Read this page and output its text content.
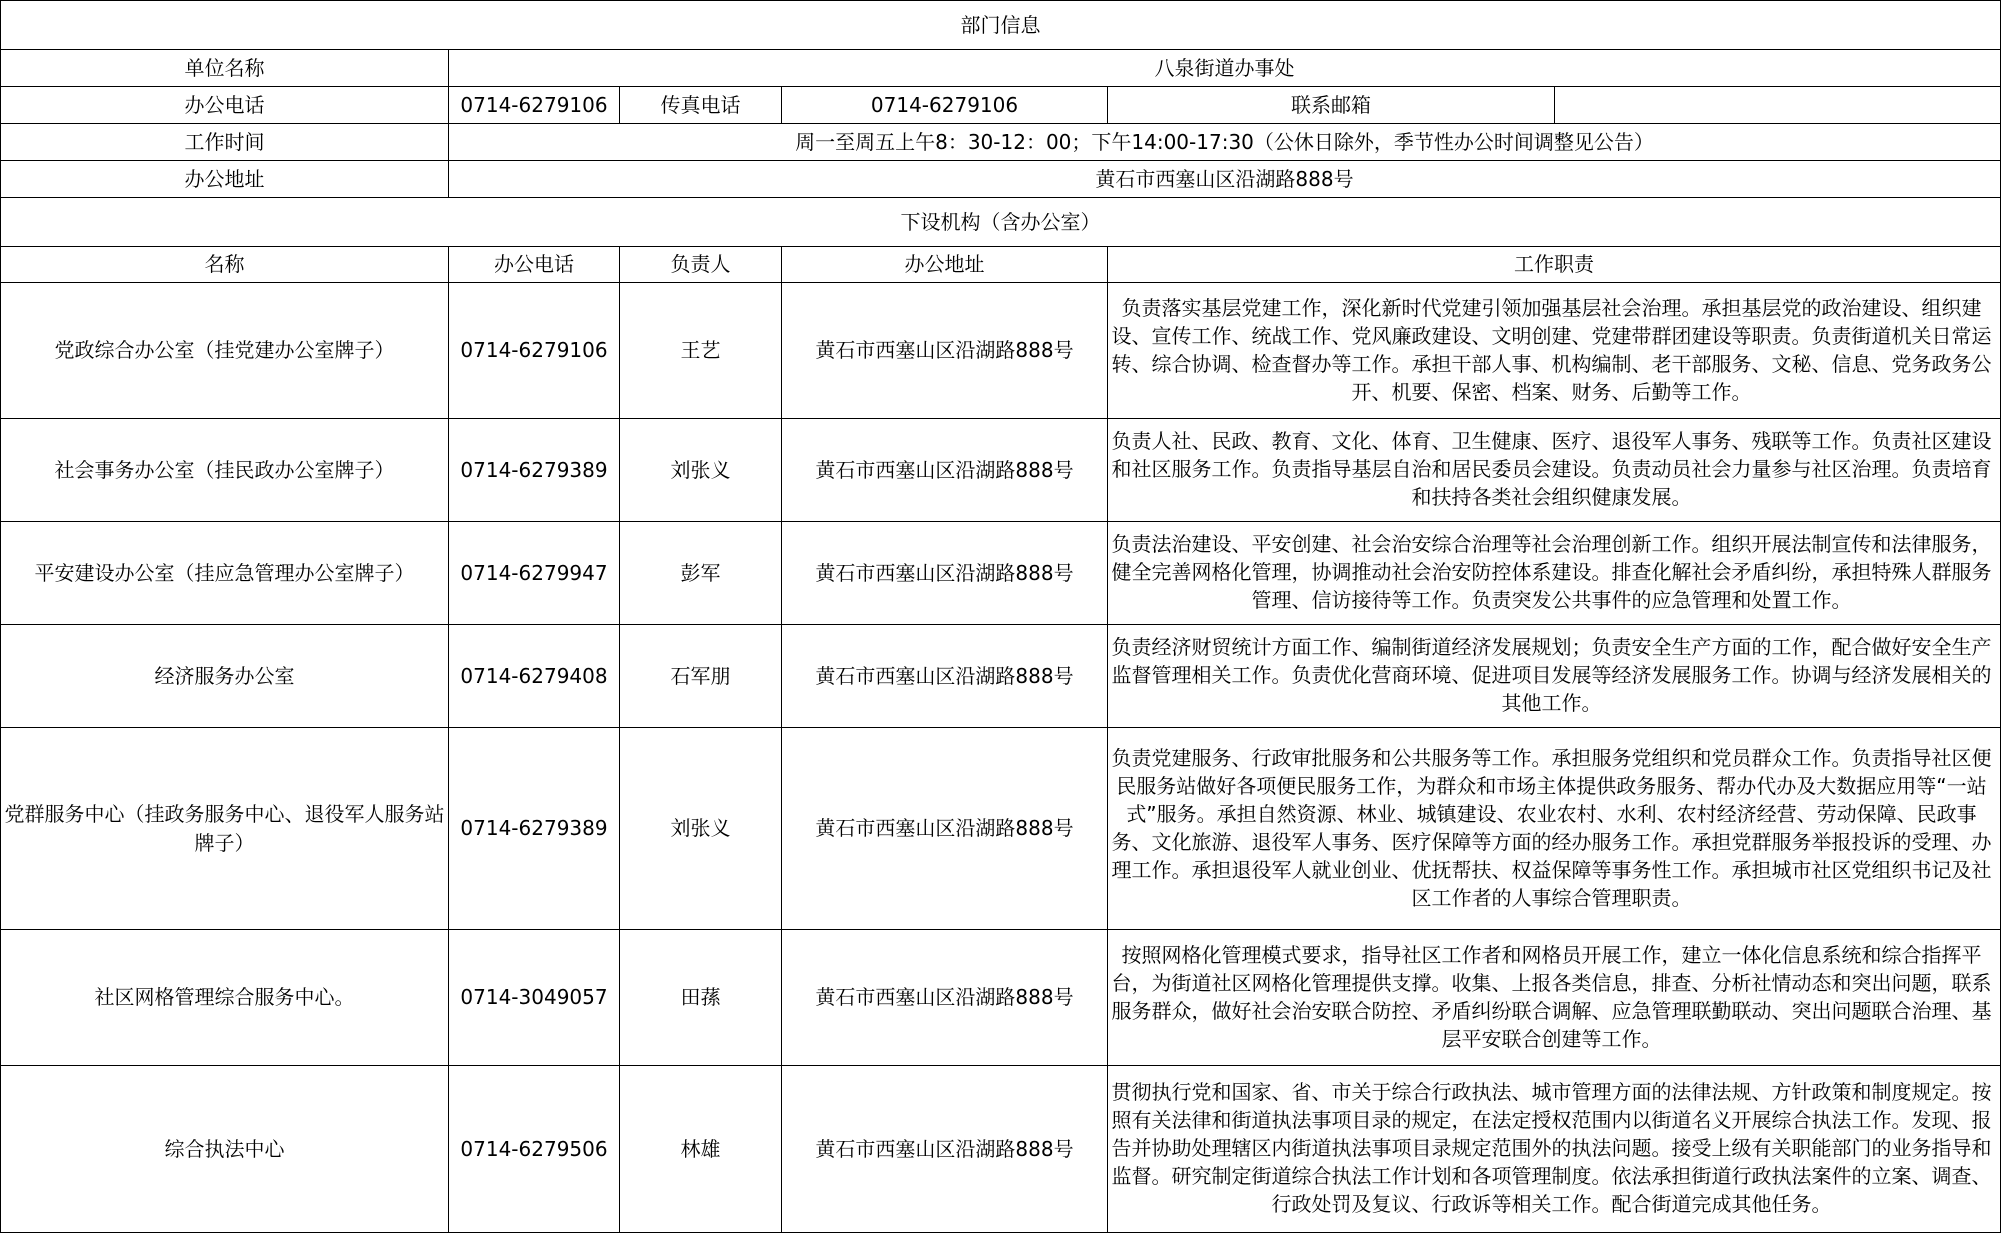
部门信息					
单位名称	八泉街道办事处				
办公电话	0714-6279106	传真电话	0714-6279106	联系邮箱	
工作时间	周一至周五上午8：30-12：00；下午14:00-17:30（公休日除外，季节性办公时间调整见公告）				
办公地址	黄石市西塞山区沿湖路888号				
下设机构（含办公室）					
名称	办公电话	负责人	办公地址	工作职责	
党政综合办公室（挂党建办公室牌子）	0714-6279106	王艺	黄石市西塞山区沿湖路888号	负责落实基层党建工作，深化新时代党建引领加强基层社会治理。承担基层党的政治建设、组织建设、宣传工作、统战工作、党风廉政建设、文明创建、党建带群团建设等职责。负责街道机关日常运转、综合协调、检查督办等工作。承担干部人事、机构编制、老干部服务、文秘、信息、党务政务公开、机要、保密、档案、财务、后勤等工作。	
社会事务办公室（挂民政办公室牌子）	0714-6279389	刘张义	黄石市西塞山区沿湖路888号	负责人社、民政、教育、文化、体育、卫生健康、医疗、退役军人事务、残联等工作。负责社区建设和社区服务工作。负责指导基层自治和居民委员会建设。负责动员社会力量参与社区治理。负责培育和扶持各类社会组织健康发展。	
平安建设办公室（挂应急管理办公室牌子）	0714-6279947	彭军	黄石市西塞山区沿湖路888号	负责法治建设、平安创建、社会治安综合治理等社会治理创新工作。组织开展法制宣传和法律服务，健全完善网格化管理，协调推动社会治安防控体系建设。排查化解社会矛盾纠纷，承担特殊人群服务管理、信访接待等工作。负责突发公共事件的应急管理和处置工作。	
经济服务办公室	0714-6279408	石军朋	黄石市西塞山区沿湖路888号	负责经济财贸统计方面工作、编制街道经济发展规划；负责安全生产方面的工作，配合做好安全生产监督管理相关工作。负责优化营商环境、促进项目发展等经济发展服务工作。协调与经济发展相关的其他工作。	
党群服务中心（挂政务服务中心、退役军人服务站牌子）	0714-6279389	刘张义	黄石市西塞山区沿湖路888号	负责党建服务、行政审批服务和公共服务等工作。承担服务党组织和党员群众工作。负责指导社区便民服务站做好各项便民服务工作，为群众和市场主体提供政务服务、帮办代办及大数据应用等“一站式”服务。承担自然资源、林业、城镇建设、农业农村、水利、农村经济经营、劳动保障、民政事务、文化旅游、退役军人事务、医疗保障等方面的经办服务工作。承担党群服务举报投诉的受理、办理工作。承担退役军人就业创业、优抚帮扶、权益保障等事务性工作。承担城市社区党组织书记及社区工作者的人事综合管理职责。	
社区网格管理综合服务中心。	0714-3049057	田蓀	黄石市西塞山区沿湖路888号	按照网格化管理模式要求，指导社区工作者和网格员开展工作，建立一体化信息系统和综合指挥平台，为街道社区网格化管理提供支撑。收集、上报各类信息，排查、分析社情动态和突出问题，联系服务群众，做好社会治安联合防控、矛盾纠纷联合调解、应急管理联勤联动、突出问题联合治理、基层平安联合创建等工作。	
综合执法中心	0714-6279506	林雄	黄石市西塞山区沿湖路888号	贯彻执行党和国家、省、市关于综合行政执法、城市管理方面的法律法规、方针政策和制度规定。按照有关法律和街道执法事项目录的规定，在法定授权范围内以街道名义开展综合执法工作。发现、报告并协助处理辖区内街道执法事项目录规定范围外的执法问题。接受上级有关职能部门的业务指导和监督。研究制定街道综合执法工作计划和各项管理制度。依法承担街道行政执法案件的立案、调查、行政处罚及复议、行政诉等相关工作。配合街道完成其他任务。	
